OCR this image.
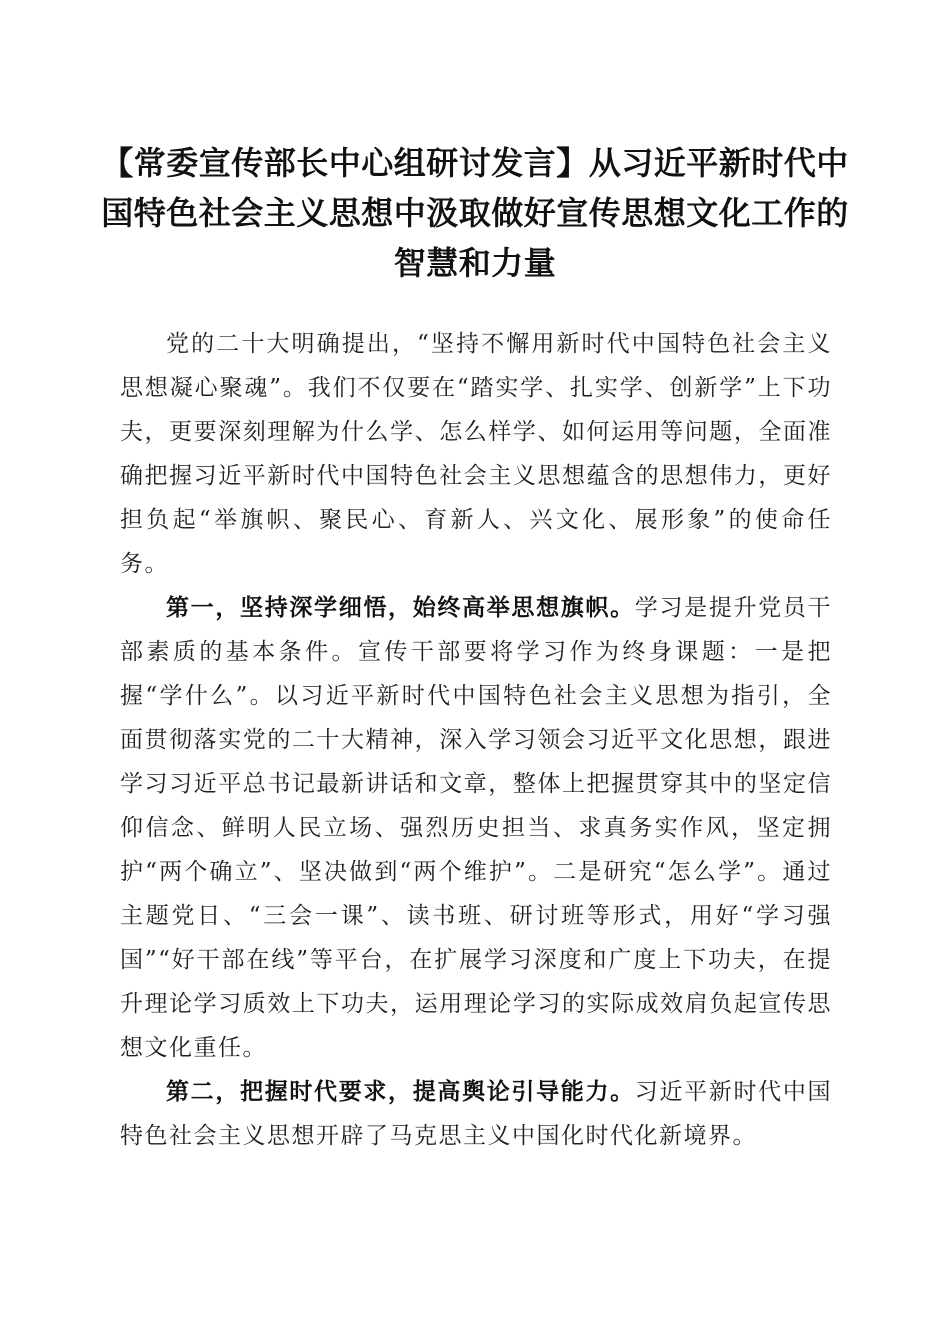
【常委宣传部长中心组研讨发言】从习近平新时代中国特色社会主义思想中汲取做好宣传思想文化工作的智慧和力量

党的二十大明确提出，“坚持不懈用新时代中国特色社会主义思想凝心聚魂”。我们不仅要在“踏实学、扎实学、创新学”上下功夫，更要深刻理解为什么学、怎么样学、如何运用等问题，全面准确把握习近平新时代中国特色社会主义思想蕴含的思想伟力，更好担负起“举旗帜、聚民心、育新人、兴文化、展形象”的使命任务。

第一，坚持深学细悟，始终高举思想旗帜。学习是提升党员干部素质的基本条件。宣传干部要将学习作为终身课题：一是把握“学什么”。以习近平新时代中国特色社会主义思想为指引，全面贯彻落实党的二十大精神，深入学习领会习近平文化思想，跟进学习习近平总书记最新讲话和文章，整体上把握贯穿其中的坚定信仰信念、鲜明人民立场、强烈历史担当、求真务实作风，坚定拥护“两个确立”、坚决做到“两个维护”。二是研究“怎么学”。通过主题党日、“三会一课”、读书班、研讨班等形式，用好“学习强国”“好干部在线”等平台，在扩展学习深度和广度上下功夫，在提升理论学习质效上下功夫，运用理论学习的实际成效肩负起宣传思想文化重任。

第二，把握时代要求，提高舆论引导能力。习近平新时代中国特色社会主义思想开辟了马克思主义中国化时代化新境界。
